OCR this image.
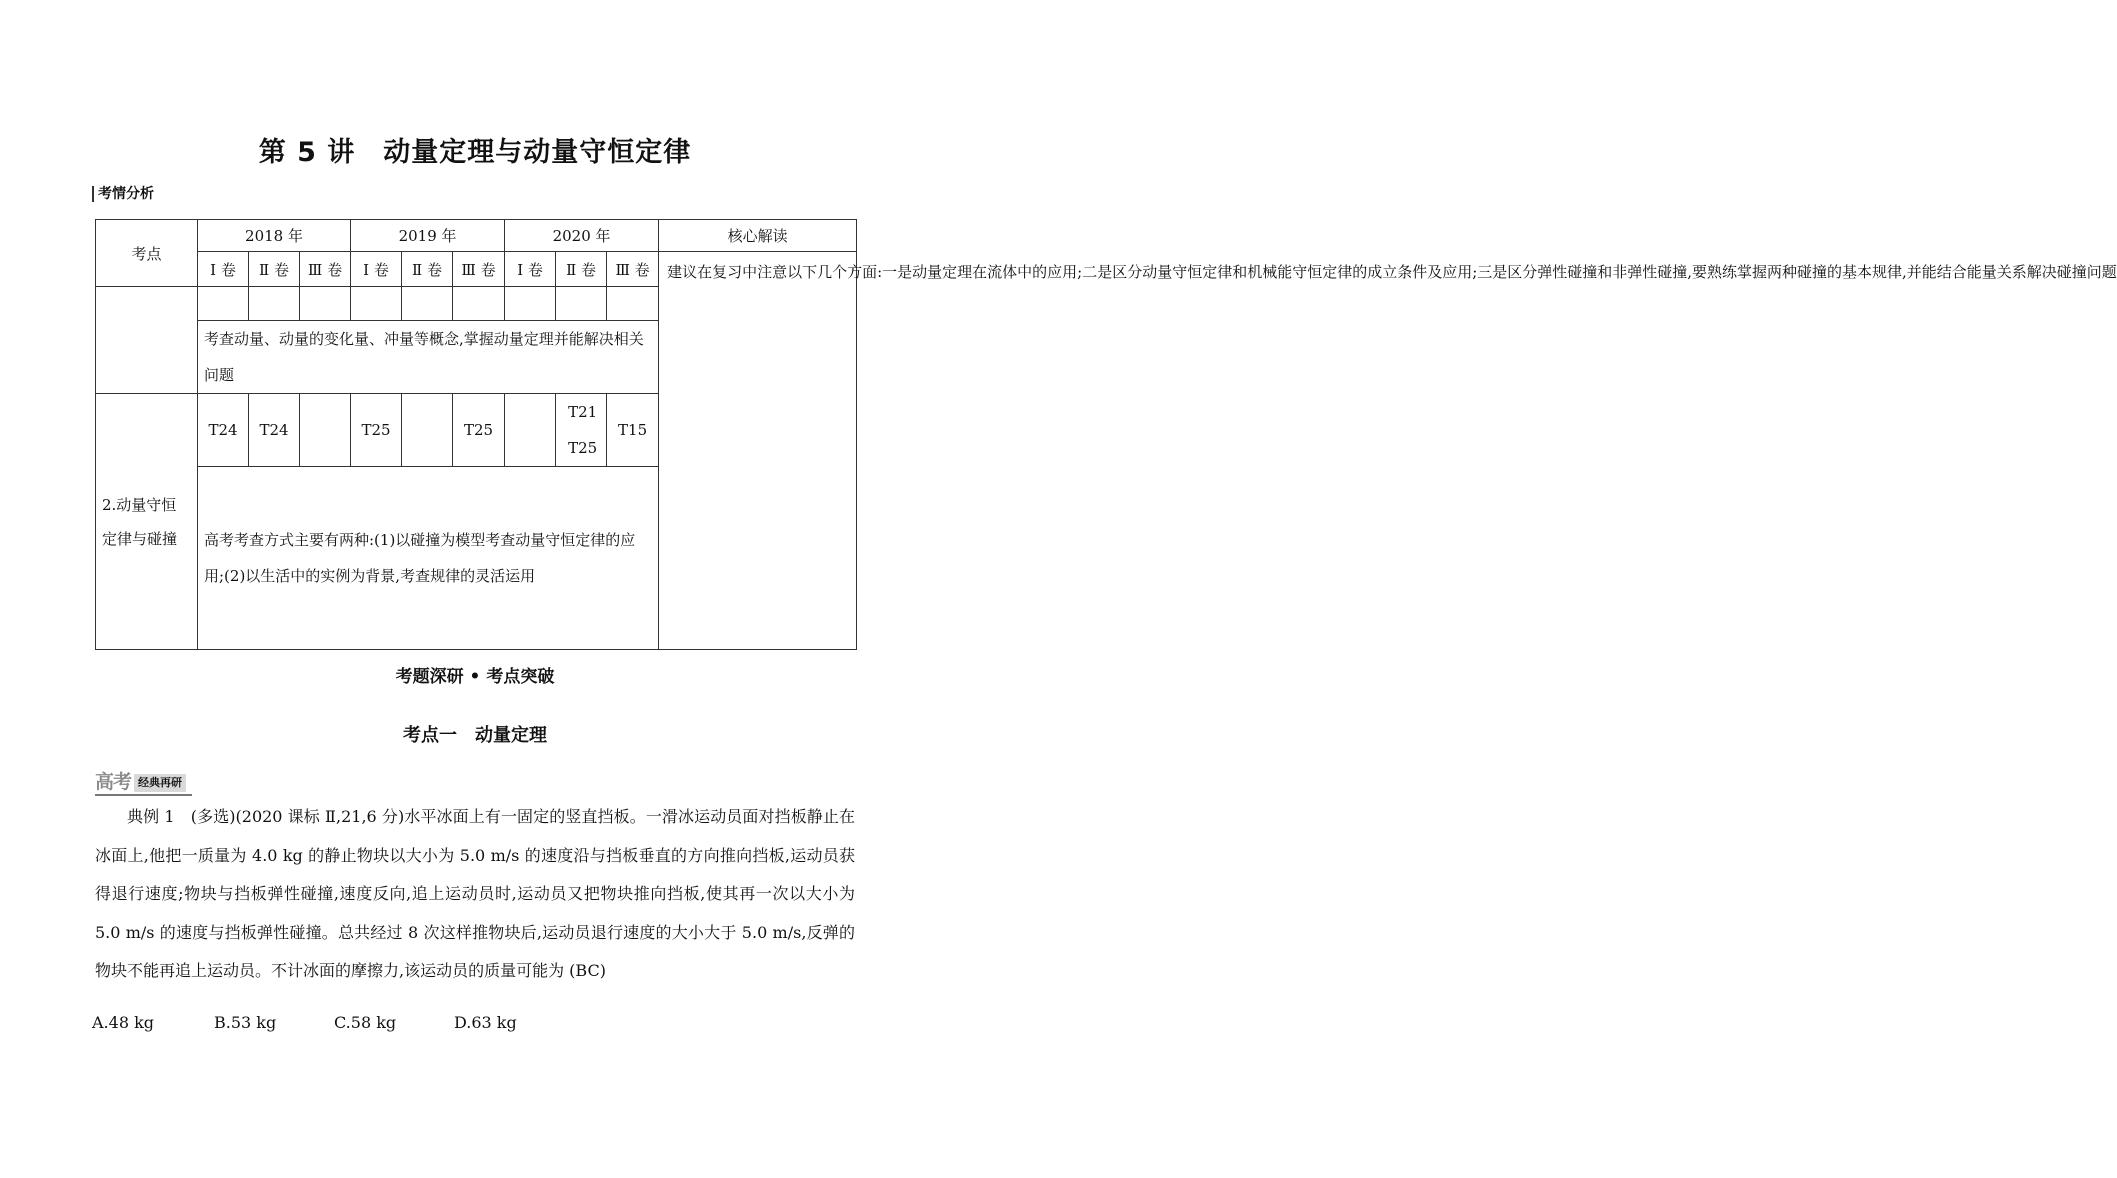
第 5 讲　动量定理与动量守恒定律
考情分析
考点	2018 年			2019 年			2020 年			核心解读
	Ⅰ 卷	Ⅱ 卷	Ⅲ 卷	Ⅰ 卷	Ⅱ 卷	Ⅲ 卷	Ⅰ 卷	Ⅱ 卷	Ⅲ 卷	建议在复习中注意以下几个方面:一是动量定理在流体中的应用;二是区分动量守恒定律和机械能守恒定律的成立条件及应用;三是区分弹性碰撞和非弹性碰撞,要熟练掌握两种碰撞的基本规律,并能结合能量关系解决碰撞问题

	考查动量、动量的变化量、冲量等概念,掌握动量定理并能解决相关问题									
2.动量守恒定律与碰撞	T24	T24		T25		T25		T21 T25	T15	
	高考考查方式主要有两种:(1)以碰撞为模型考查动量守恒定律的应用;(2)以生活中的实例为背景,考查规律的灵活运用									
考题深研 • 考点突破
考点一　动量定理
高考 经典再研
典例 1　(多选)(2020 课标 Ⅱ,21,6 分)水平冰面上有一固定的竖直挡板。一滑冰运动员面对挡板静止在冰面上,他把一质量为 4.0 kg 的静止物块以大小为 5.0 m/s 的速度沿与挡板垂直的方向推向挡板,运动员获得退行速度;物块与挡板弹性碰撞,速度反向,追上运动员时,运动员又把物块推向挡板,使其再一次以大小为 5.0 m/s 的速度与挡板弹性碰撞。总共经过 8 次这样推物块后,运动员退行速度的大小大于 5.0 m/s,反弹的物块不能再追上运动员。不计冰面的摩擦力,该运动员的质量可能为 (BC)
A.48 kg	B.53 kg	C.58 kg	D.63 kg
